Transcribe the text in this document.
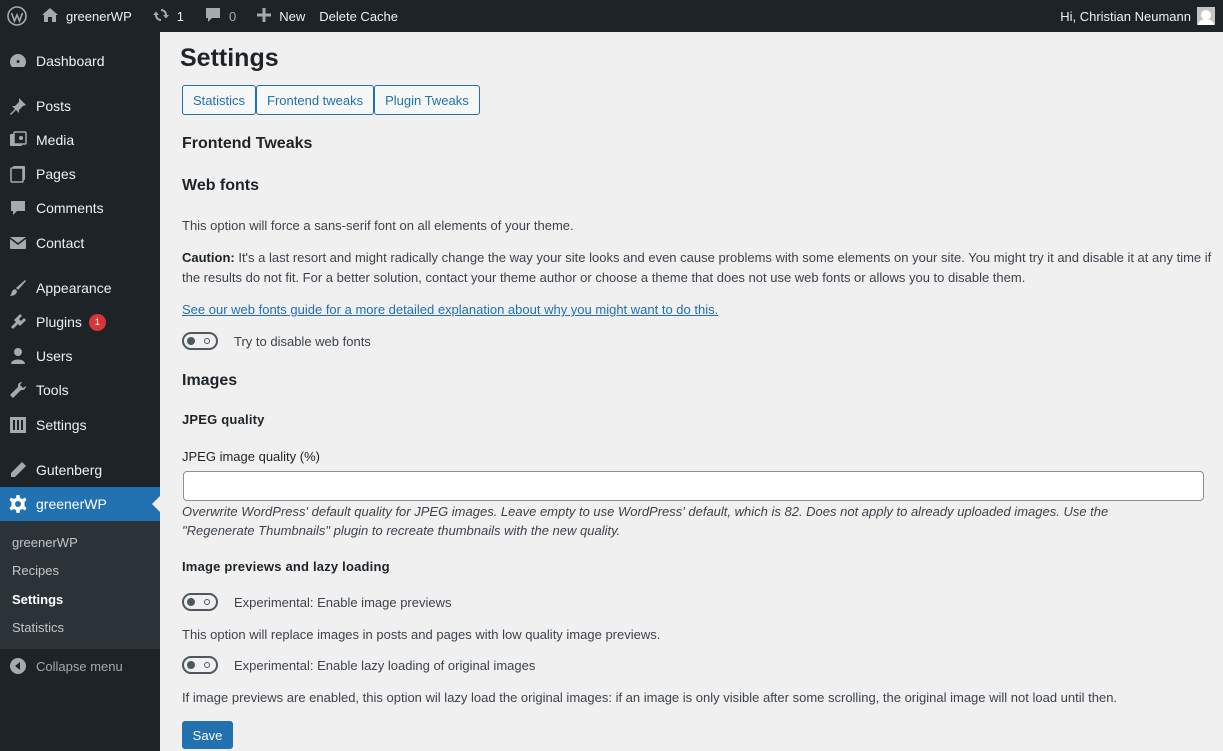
greenerWP	1	0	New Delete Cache	Hi, Christian Neumann
Dashboard
Posts
Media
Pages
Comments
Contact
Appearance
Plugins	1
Users
Tools
Settings
Gutenberg
greenerWP
greenerWP
Recipes
Settings
Statistics
Collapse menu
Settings
Statistics	Frontend tweaks	Plugin Tweaks
Frontend Tweaks
Web fonts

This option will force a sans-serif font on all elements of your theme.

Caution: It's a last resort and might radically change the way your site looks and even cause problems with some elements on your site. You might try it and disable it at any time if the results do not fit. For a better solution, contact your theme author or choose a theme that does not use web fonts or allows you to disable them.

See our web fonts guide for a more detailed explanation about why you might want to do this.
Try to disable web fonts
Images
JPEG quality
JPEG image quality (%)

Overwrite WordPress' default quality for JPEG images. Leave empty to use WordPress' default, which is 82. Does not apply to already uploaded images. Use the "Regenerate Thumbnails" plugin to recreate thumbnails with the new quality.

Image previews and lazy loading
Experimental: Enable image previews

This option will replace images in posts and pages with low quality image previews.

Experimental: Enable lazy loading of original images

If image previews are enabled, this option wil lazy load the original images: if an image is only visible after some scrolling, the original image will not load until then.

Save
